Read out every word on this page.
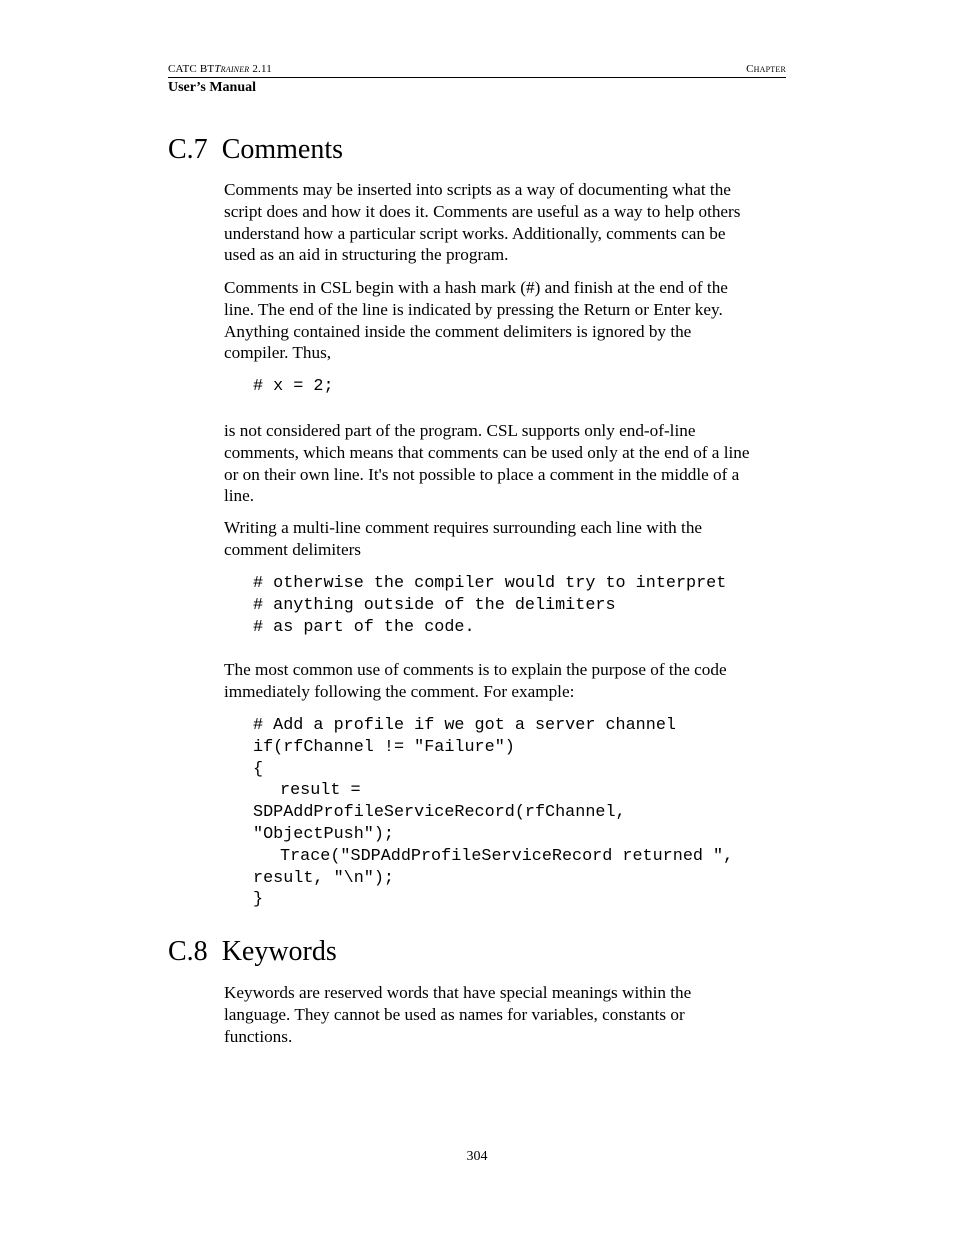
CATC BTTrainer 2.11	Chapter
User’s Manual
C.7 Comments

Comments may be inserted into scripts as a way of documenting what the
script does and how it does it. Comments are useful as a way to help others
understand how a particular script works. Additionally, comments can be
used as an aid in structuring the program.

Comments in CSL begin with a hash mark (#) and finish at the end of the
line. The end of the line is indicated by pressing the Return or Enter key.
Anything contained inside the comment delimiters is ignored by the
compiler. Thus,

# x = 2;

is not considered part of the program. CSL supports only end-of-line
comments, which means that comments can be used only at the end of a line
or on their own line. It's not possible to place a comment in the middle of a
line.

Writing a multi-line comment requires surrounding each line with the
comment delimiters

# otherwise the compiler would try to interpret
# anything outside of the delimiters
# as part of the code.

The most common use of comments is to explain the purpose of the code
immediately following the comment. For example:

# Add a profile if we got a server channel
if(rfChannel != "Failure")
{
result =
SDPAddProfileServiceRecord(rfChannel,
"ObjectPush");
Trace("SDPAddProfileServiceRecord returned ",
result, "\n");
}
C.8 Keywords

Keywords are reserved words that have special meanings within the
language. They cannot be used as names for variables, constants or
functions.

304
